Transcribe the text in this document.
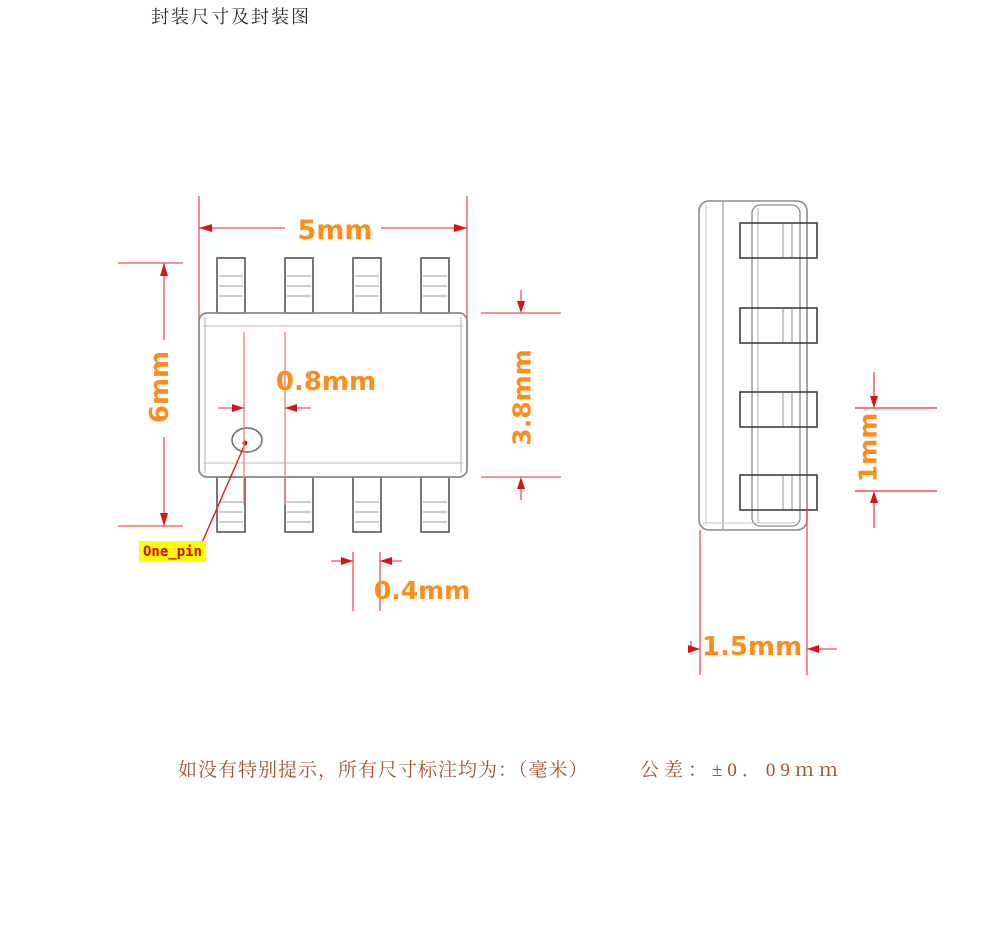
封装尺寸及封装图
5mm
6mm	0.8mm	3.8mm
0.4mm
1mm
1.5mm
One_pin
如没有特别提示，所有尺寸标注均为：（毫米）	公差：±0．09ｍｍ
